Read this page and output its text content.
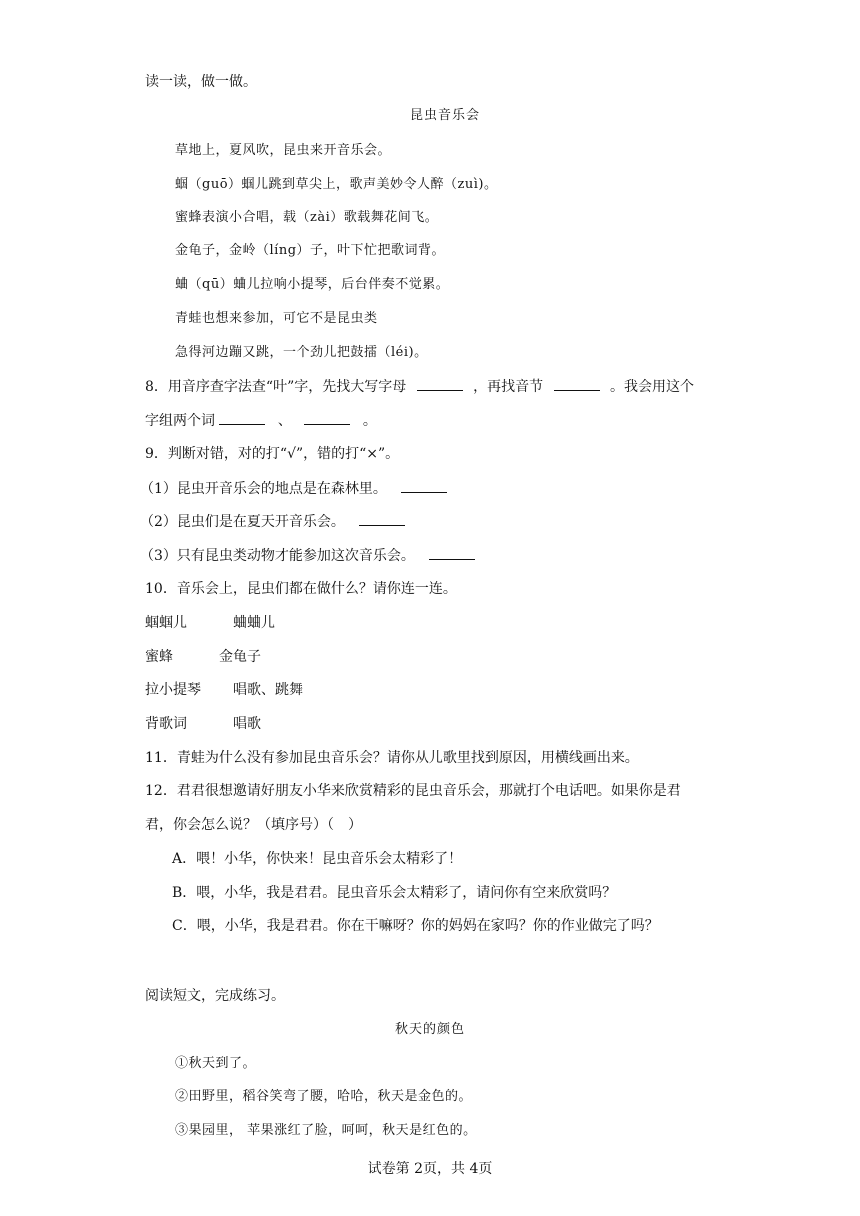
读一读，做一做。
昆虫音乐会
草地上，夏风吹，昆虫来开音乐会。
蝈（guō）蝈儿跳到草尖上，歌声美妙令人醉（zuì)。
蜜蜂表演小合唱，载（zài）歌载舞花间飞。
金龟子，金岭（líng）子，叶下忙把歌词背。
蛐（qū）蛐儿拉响小提琴，后台伴奏不觉累。
青蛙也想来参加，可它不是昆虫类
急得河边蹦又跳，一个劲儿把鼓擂（léi)。
8．用音序查字法查“叶”字，先找大写字母	，再找音节	。我会用这个
字组两个词	、	。
9．判断对错，对的打“√”，错的打“×”。
（1）昆虫开音乐会的地点是在森林里。
（2）昆虫们是在夏天开音乐会。
（3）只有昆虫类动物才能参加这次音乐会。
10．音乐会上，昆虫们都在做什么？请你连一连。
蝈蝈儿	蛐蛐儿
蜜蜂	金龟子
拉小提琴 唱歌、跳舞
背歌词	唱歌
11．青蛙为什么没有参加昆虫音乐会？请你从儿歌里找到原因，用横线画出来。
12．君君很想邀请好朋友小华来欣赏精彩的昆虫音乐会，那就打个电话吧。如果你是君
君，你会怎么说？（填序号）（　）
A．喂！小华，你快来！昆虫音乐会太精彩了！
B．喂，小华，我是君君。昆虫音乐会太精彩了，请问你有空来欣赏吗？
C．喂，小华，我是君君。你在干嘛呀？你的妈妈在家吗？你的作业做完了吗？
阅读短文，完成练习。
秋天的颜色
①秋天到了。
②田野里，稻谷笑弯了腰，哈哈，秋天是金色的。
③果园里， 苹果涨红了脸，呵呵，秋天是红色的。
试卷第 2页，共 4页
